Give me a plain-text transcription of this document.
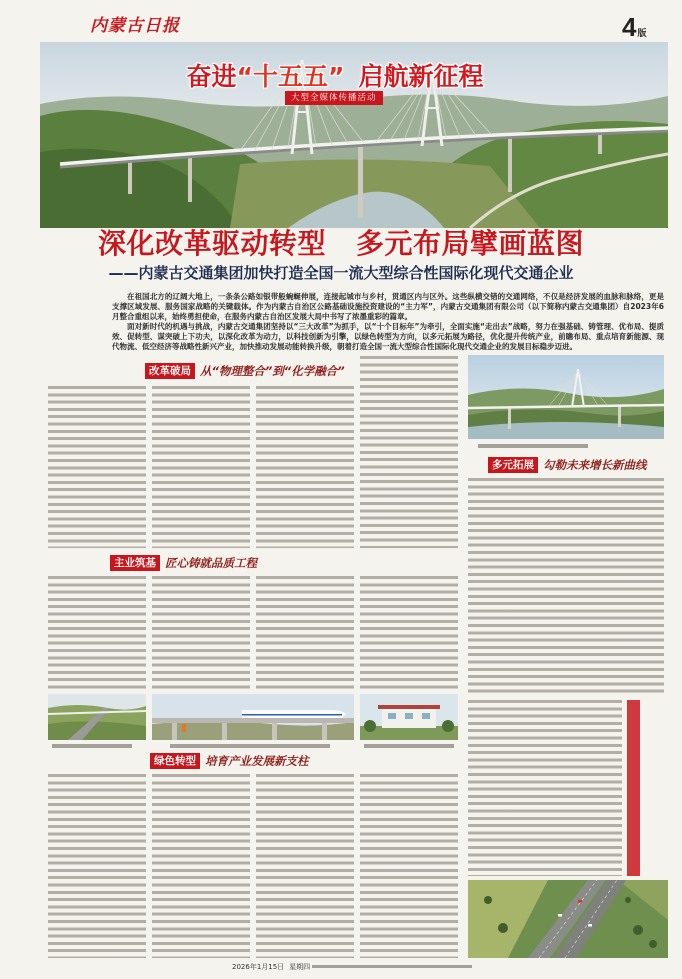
内蒙古日报	4版
奋进“十五五” 启航新征程
大型全媒体传播活动
深化改革驱动转型 多元布局擘画蓝图
——内蒙古交通集团加快打造全国一流大型综合性国际化现代交通企业

在祖国北方的辽阔大地上，一条条公路如银带般蜿蜒伸展，连接起城市与乡村，贯通区内与区外。这些纵横交错的交通网络，不仅是经济发展的血脉和脉络，更是支撑区域发展、服务国家战略的关键载体。作为内蒙古自治区公路基础设施投资建设的“主力军”，内蒙古交通集团有限公司（以下简称内蒙古交通集团）自2023年6月整合重组以来，始终勇担使命，在服务内蒙古自治区发展大局中书写了浓墨重彩的篇章。

面对新时代的机遇与挑战，内蒙古交通集团坚持以“三大改革”为抓手，以“十个目标年”为牵引，全面实施“走出去”战略，努力在强基础、铸管理、优布局、提质效、促转型、谋突破上下功夫，以深化改革为动力，以科技创新为引擎，以绿色转型为方向，以多元拓展为路径，优化提升传统产业，前瞻布局、重点培育新能源、现代物流、低空经济等战略性新兴产业，加快推动发展动能转换升级，朝着打造全国一流大型综合性国际化现代交通企业的发展目标稳步迈进。

改革破局 从“物理整合”到“化学融合”
多元拓展 勾勒未来增长新曲线
主业筑基 匠心铸就品质工程
绿色转型 培育产业发展新支柱
2026年1月15日 星期四
